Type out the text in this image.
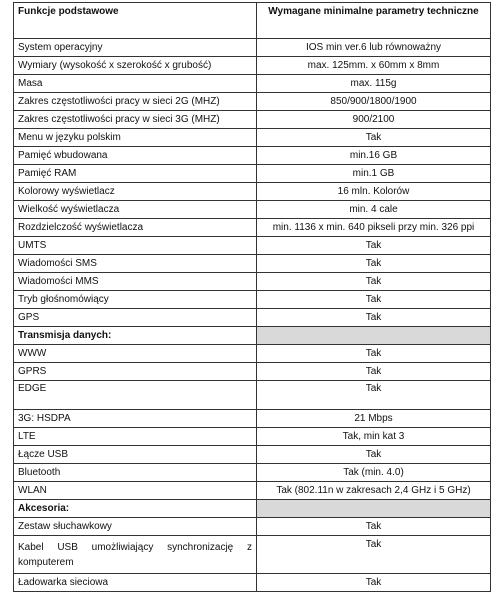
Funkcje podstawowe	Wymagane minimalne parametry techniczne
System operacyjny	IOS min ver.6 lub równoważny
Wymiary (wysokość x szerokość x grubość)	max. 125mm. x 60mm x 8mm
Masa	max. 115g
Zakres częstotliwości pracy w sieci 2G (MHZ)	850/900/1800/1900
Zakres częstotliwości pracy w sieci 3G (MHZ)	900/2100
Menu w języku polskim	Tak
Pamięć wbudowana	min.16 GB
Pamięć RAM	min.1 GB
Kolorowy wyświetlacz	16 mln. Kolorów
Wielkość wyświetlacza	min. 4 cale
Rozdzielczość wyświetlacza	min. 1136 x min. 640 pikseli przy min. 326 ppi
UMTS	Tak
Wiadomości SMS	Tak
Wiadomości MMS	Tak
Tryb głośnomówiący	Tak
GPS	Tak
Transmisja danych:	
WWW	Tak
GPRS	Tak
EDGE	Tak
3G: HSDPA	21 Mbps
LTE	Tak, min kat 3
Łącze USB	Tak
Bluetooth	Tak (min. 4.0)
WLAN	Tak (802.11n w zakresach 2,4 GHz i 5 GHz)
Akcesoria:	
Zestaw słuchawkowy	Tak
Kabel USB umożliwiający synchronizację z komputerem	Tak
Ładowarka sieciowa	Tak
